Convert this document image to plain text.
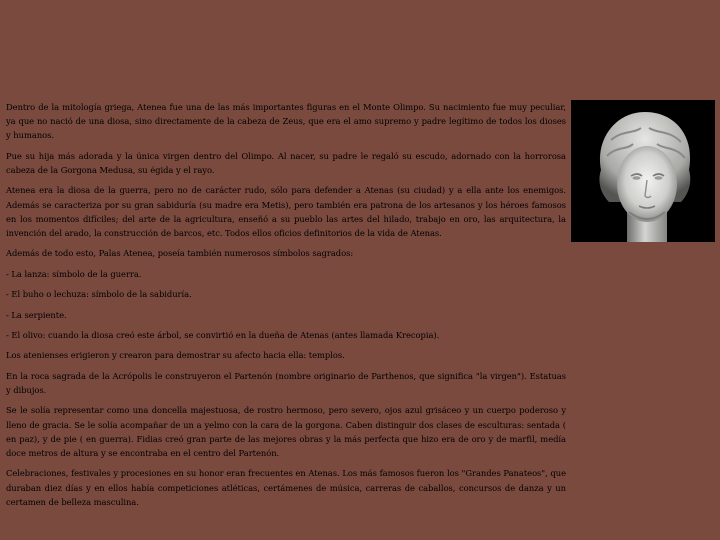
Dentro de la mitología griega, Atenea fue una de las más importantes figuras en el Monte Olimpo. Su nacimiento fue muy peculiar, ya que no nació de una diosa, sino directamente de la cabeza de Zeus, que era el amo supremo y padre legítimo de todos los dioses y humanos.

Pue su hija más adorada y la única virgen dentro del Olimpo. Al nacer, su padre le regaló su escudo, adornado con la horrorosa cabeza de la Gorgona Medusa, su égida y el rayo.

Atenea era la diosa de la guerra, pero no de carácter rudo, sólo para defender a Atenas (su ciudad) y a ella ante los enemigos. Además se caracteriza por su gran sabiduría (su madre era Metis), pero también era patrona de los artesanos y los héroes famosos en los momentos difíciles; del arte de la agricultura, enseñó a su pueblo las artes del hilado, trabajo en oro, las arquitectura, la invención del arado, la construcción de barcos, etc. Todos ellos oficios definitorios de la vida de Atenas.

Además de todo esto, Palas Atenea, poseía también numerosos símbolos sagrados:

- La lanza: símbolo de la guerra.

- El buho o lechuza: símbolo de la sabiduría.

- La serpiente.

- El olivo: cuando la diosa creó este árbol, se convirtió en la dueña de Atenas (antes llamada Krecopia).

Los atenienses erigieron y crearon para demostrar su afecto hacia ella: templos.

En la roca sagrada de la Acrópolis le construyeron el Partenón (nombre originario de Parthenos, que significa "la virgen"). Estatuas y dibujos.

Se le solía representar como una doncella majestuosa, de rostro hermoso, pero severo, ojos azul grisáceo y un cuerpo poderoso y lleno de gracia. Se le solía acompañar de un a yelmo con la cara de la gorgona. Caben distinguir dos clases de esculturas: sentada ( en paz), y de pie ( en guerra). Fidias creó gran parte de las mejores obras y la más perfecta que hizo era de oro y de marfil, medía doce metros de altura y se encontraba en el centro del Partenón.

Celebraciones, festivales y procesiones en su honor eran frecuentes en Atenas. Los más famosos fueron los "Grandes Panateos", que duraban diez días y en ellos había competiciones atléticas, certámenes de música, carreras de caballos, concursos de danza y un certamen de belleza masculina.
